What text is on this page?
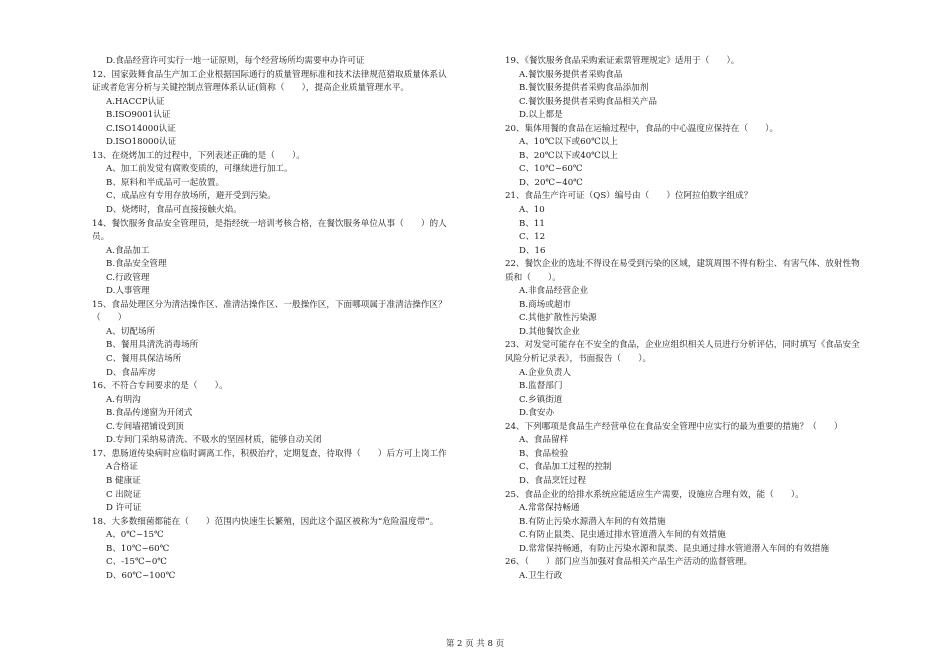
D.食品经营许可实行一地一证原则，每个经营场所均需要申办许可证
12、国家鼓舞食品生产加工企业根据国际通行的质量管理标准和技术法律规范猎取质量体系认
证或者危害分析与关键控制点管理体系认证(简称（　　），提高企业质量管理水平。
A.HACCP认证
B.ISO9001认证
C.ISO14000认证
D.ISO18000认证
13、在烧烤加工的过程中，下列表述正确的是（　　）。
A、加工前发觉有腐败变质的，可继续进行加工。
B、原料和半成品可一起放置。
C、成品应有专用存放场所，避开受到污染。
D、烧烤时，食品可直接接触火焰。
14、餐饮服务食品安全管理员，是指经统一培训考核合格，在餐饮服务单位从事（　　）的人
员。
A.食品加工
B.食品安全管理
C.行政管理
D.人事管理
15、食品处理区分为清洁操作区、准清洁操作区、一般操作区，下面哪项属于准清洁操作区？
（　　）
A、切配场所
B、餐用具清洗消毒场所
C、餐用具保洁场所
D、食品库房
16、不符合专间要求的是（　　）。
A.有明沟
B.食品传递窗为开闭式
C.专间墙裙铺设到顶
D.专间门采纳易清洗、不吸水的坚固材质，能够自动关闭
17、患肠道传染病时应临时调离工作，积极治疗，定期复查，待取得（　　）后方可上岗工作
A合格证
B 健康证
C 出院证
D 许可证
18、大多数细菌都能在（　　）范围内快速生长繁殖，因此这个温区被称为“危险温度带”。
A、0℃~15℃
B、10℃~60℃
C、-15℃~0℃
D、60℃~100℃
19、《餐饮服务食品采购索证索票管理规定》适用于（　　）。
A.餐饮服务提供者采购食品
B.餐饮服务提供者采购食品添加剂
C.餐饮服务提供者采购食品相关产品
D.以上都是
20、集体用餐的食品在运输过程中，食品的中心温度应保持在（　　）。
A、10℃以下或60℃以上
B、20℃以下或40℃以上
C、10℃~60℃
D、20℃~40℃
21、食品生产许可证（QS）编号由（　　）位阿拉伯数字组成？
A、10
B、11
C、12
D、16
22、餐饮企业的选址不得设在易受到污染的区域，建筑周围不得有粉尘、有害气体、放射性物
质和（　　）。
A.非食品经营企业
B.商场或超市
C.其他扩散性污染源
D.其他餐饮企业
23、对发觉可能存在不安全的食品，企业应组织相关人员进行分析评估，同时填写《食品安全
风险分析记录表》，书面报告（　　）。
A.企业负责人
B.监督部门
C.乡镇街道
D.食安办
24、下列哪项是食品生产经营单位在食品安全管理中应实行的最为重要的措施？（　　）
A、食品留样
B、食品检验
C、食品加工过程的控制
D、食品烹饪过程
25、食品企业的给排水系统应能适应生产需要，设施应合理有效，能（　　）。
A.常常保持畅通
B.有防止污染水源潜入车间的有效措施
C.有防止鼠类、昆虫通过排水管道潜入车间的有效措施
D.常常保持畅通，有防止污染水源和鼠类、昆虫通过排水管道潜入车间的有效措施
26、（　　）部门应当加强对食品相关产品生产活动的监督管理。
A.卫生行政
第 2 页 共 8 页
